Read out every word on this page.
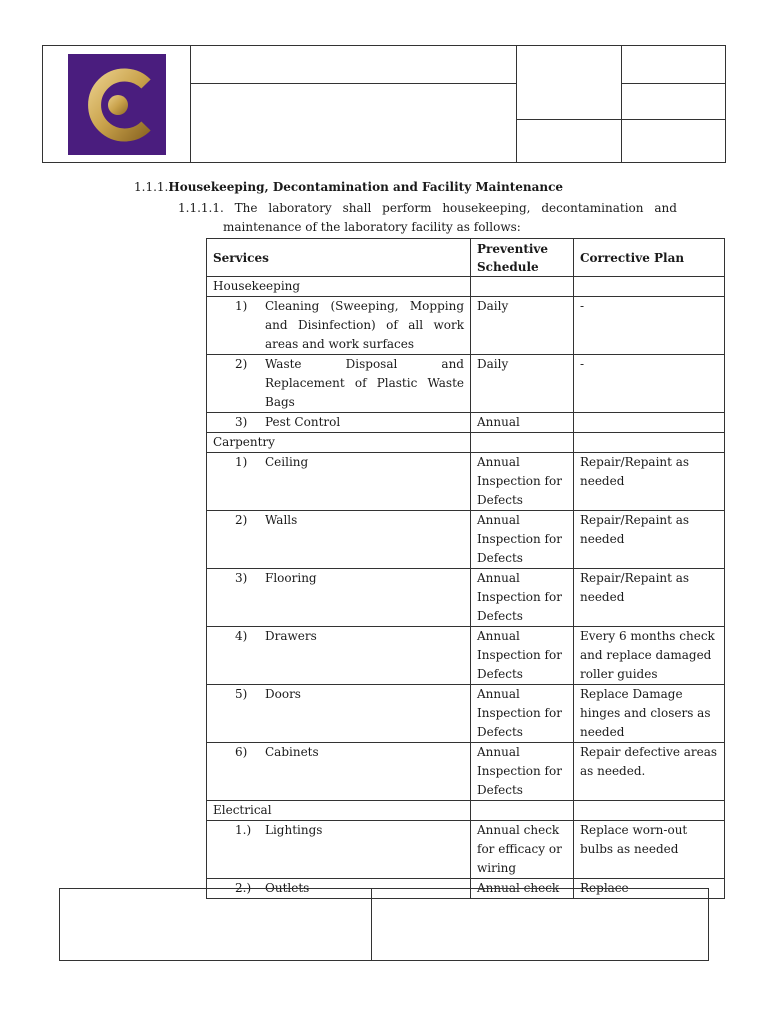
1.1.1.Housekeeping, Decontamination and Facility Maintenance
1.1.1.1. The laboratory shall perform housekeeping, decontamination and
maintenance of the laboratory facility as follows:
Services	Preventive Schedule	Corrective Plan
Housekeeping		

1) Cleaning (Sweeping, Mopping and Disinfection) of all work areas and work surfaces	Daily	-

2) Waste Disposal and Replacement of Plastic Waste Bags	Daily	-

3) Pest Control	Annual	
Carpentry		

1) Ceiling	Annual Inspection for Defects	Repair/Repaint as needed

2) Walls	Annual Inspection for Defects	Repair/Repaint as needed

3) Flooring	Annual Inspection for Defects	Repair/Repaint as needed

4) Drawers	Annual Inspection for Defects	Every 6 months check and replace damaged roller guides

5) Doors	Annual Inspection for Defects	Replace Damage hinges and closers as needed

6) Cabinets	Annual Inspection for Defects	Repair defective areas as needed.
Electrical		

1.) Lightings	Annual check for efficacy or wiring	Replace worn-out bulbs as needed

2.) Outlets	Annual check	Replace
